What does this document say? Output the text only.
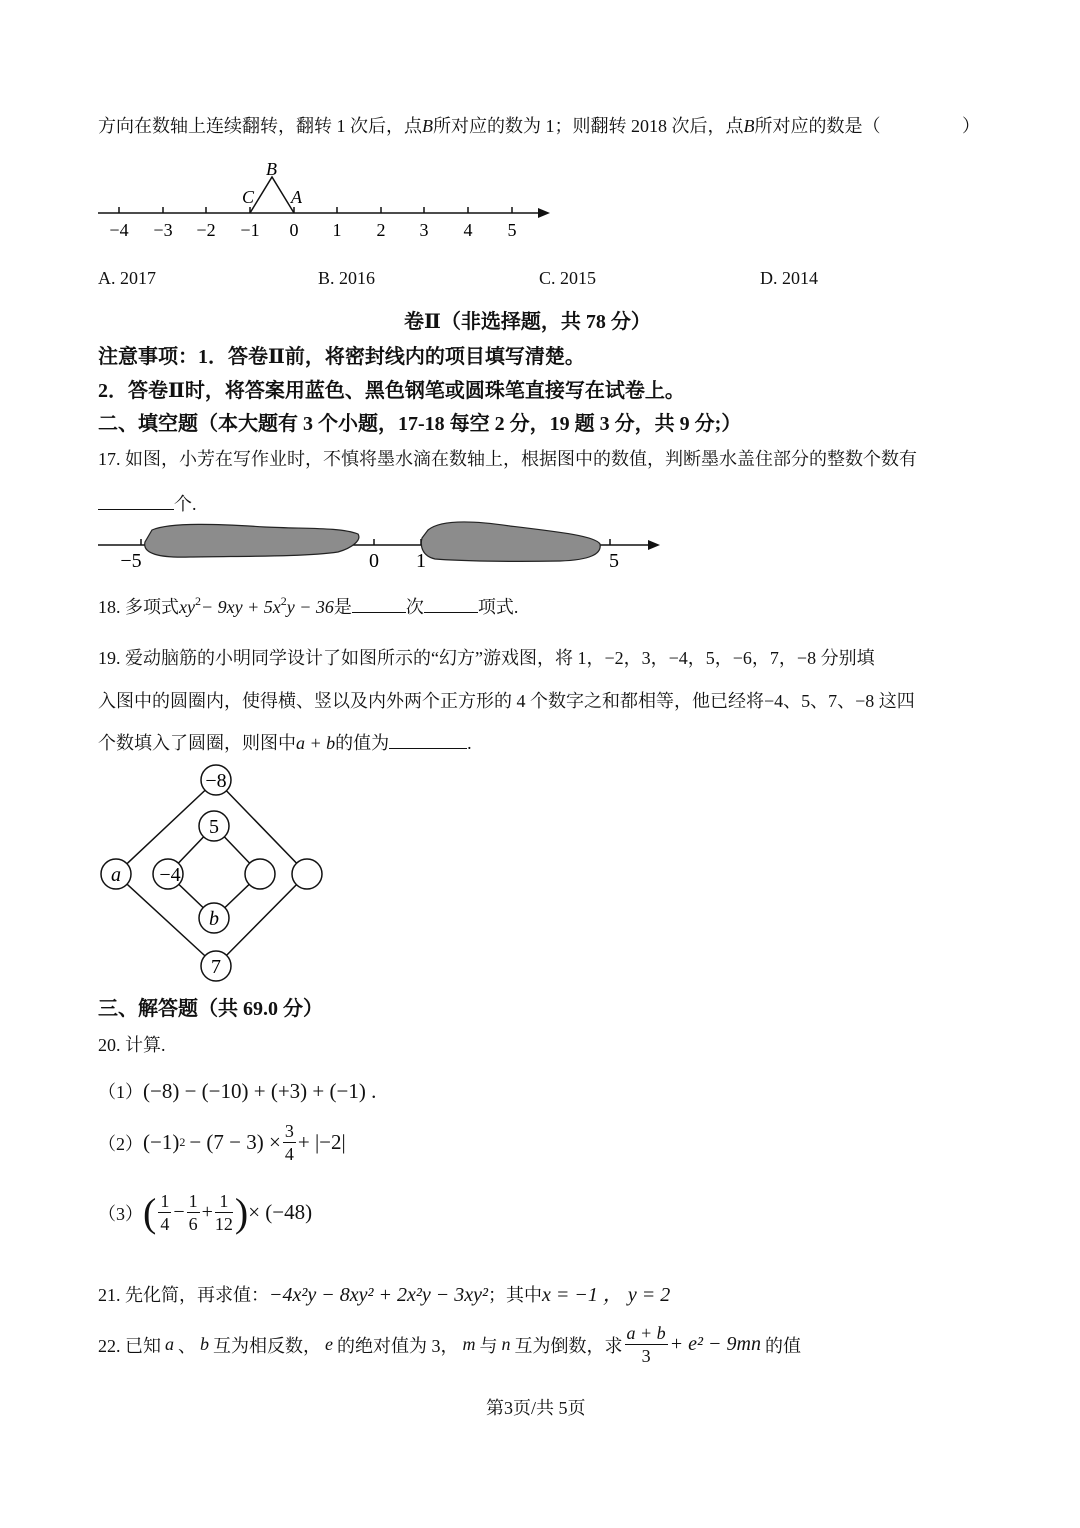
方向在数轴上连续翻转，翻转 1 次后，点B所对应的数为 1；则翻转 2018 次后，点B所对应的数是（	）
B
C A
−4 −3 −2 −1 0 1 2 3 4 5
A. 2017	B. 2016	C. 2015	D. 2014
卷Ⅱ（非选择题，共 78 分）
注意事项：1．答卷Ⅱ前，将密封线内的项目填写清楚。
2．答卷Ⅱ时，将答案用蓝色、黑色钢笔或圆珠笔直接写在试卷上。
二、填空题（本大题有 3 个小题，17-18 每空 2 分，19 题 3 分，共 9 分;）
17. 如图，小芳在写作业时，不慎将墨水滴在数轴上，根据图中的数值，判断墨水盖住部分的整数个数有
个.
−5	0 1	5
18. 多项式$xy^2- 9xy + 5x^2y - 36$是	次	项式.
19. 爱动脑筋的小明同学设计了如图所示的“幻方”游戏图，将 1，−2，3，−4，5，−6，7，−8 分别填
入图中的圆圈内，使得横、竖以及内外两个正方形的 4 个数字之和都相等，他已经将−4、5、7、−8 这四
个数填入了圆圈，则图中a + b的值为	.
−8
5
a −4
b
7
三、解答题（共 69.0 分）
20. 计算.
（1）(−8) − (−10) + (+3) + (−1) .
（2） (−1) $2 - (7 - 3) \times \frac{3}{4} + |-2|$
（3） ( $\frac{1}{4} - \frac{1}{6} + \frac{1}{12}$ ) × (−48)
21. 先化简，再求值：−4x²y − 8xy² + 2x²y − 3xy²；其中x = −1 ， y = 2
22. 已知 a 、 b 互为相反数， e 的绝对值为 3， m 与 n 互为倒数，求 $\frac{a + b}{3} + e^2 - 9mn$ 的值
第3页/共 5页
